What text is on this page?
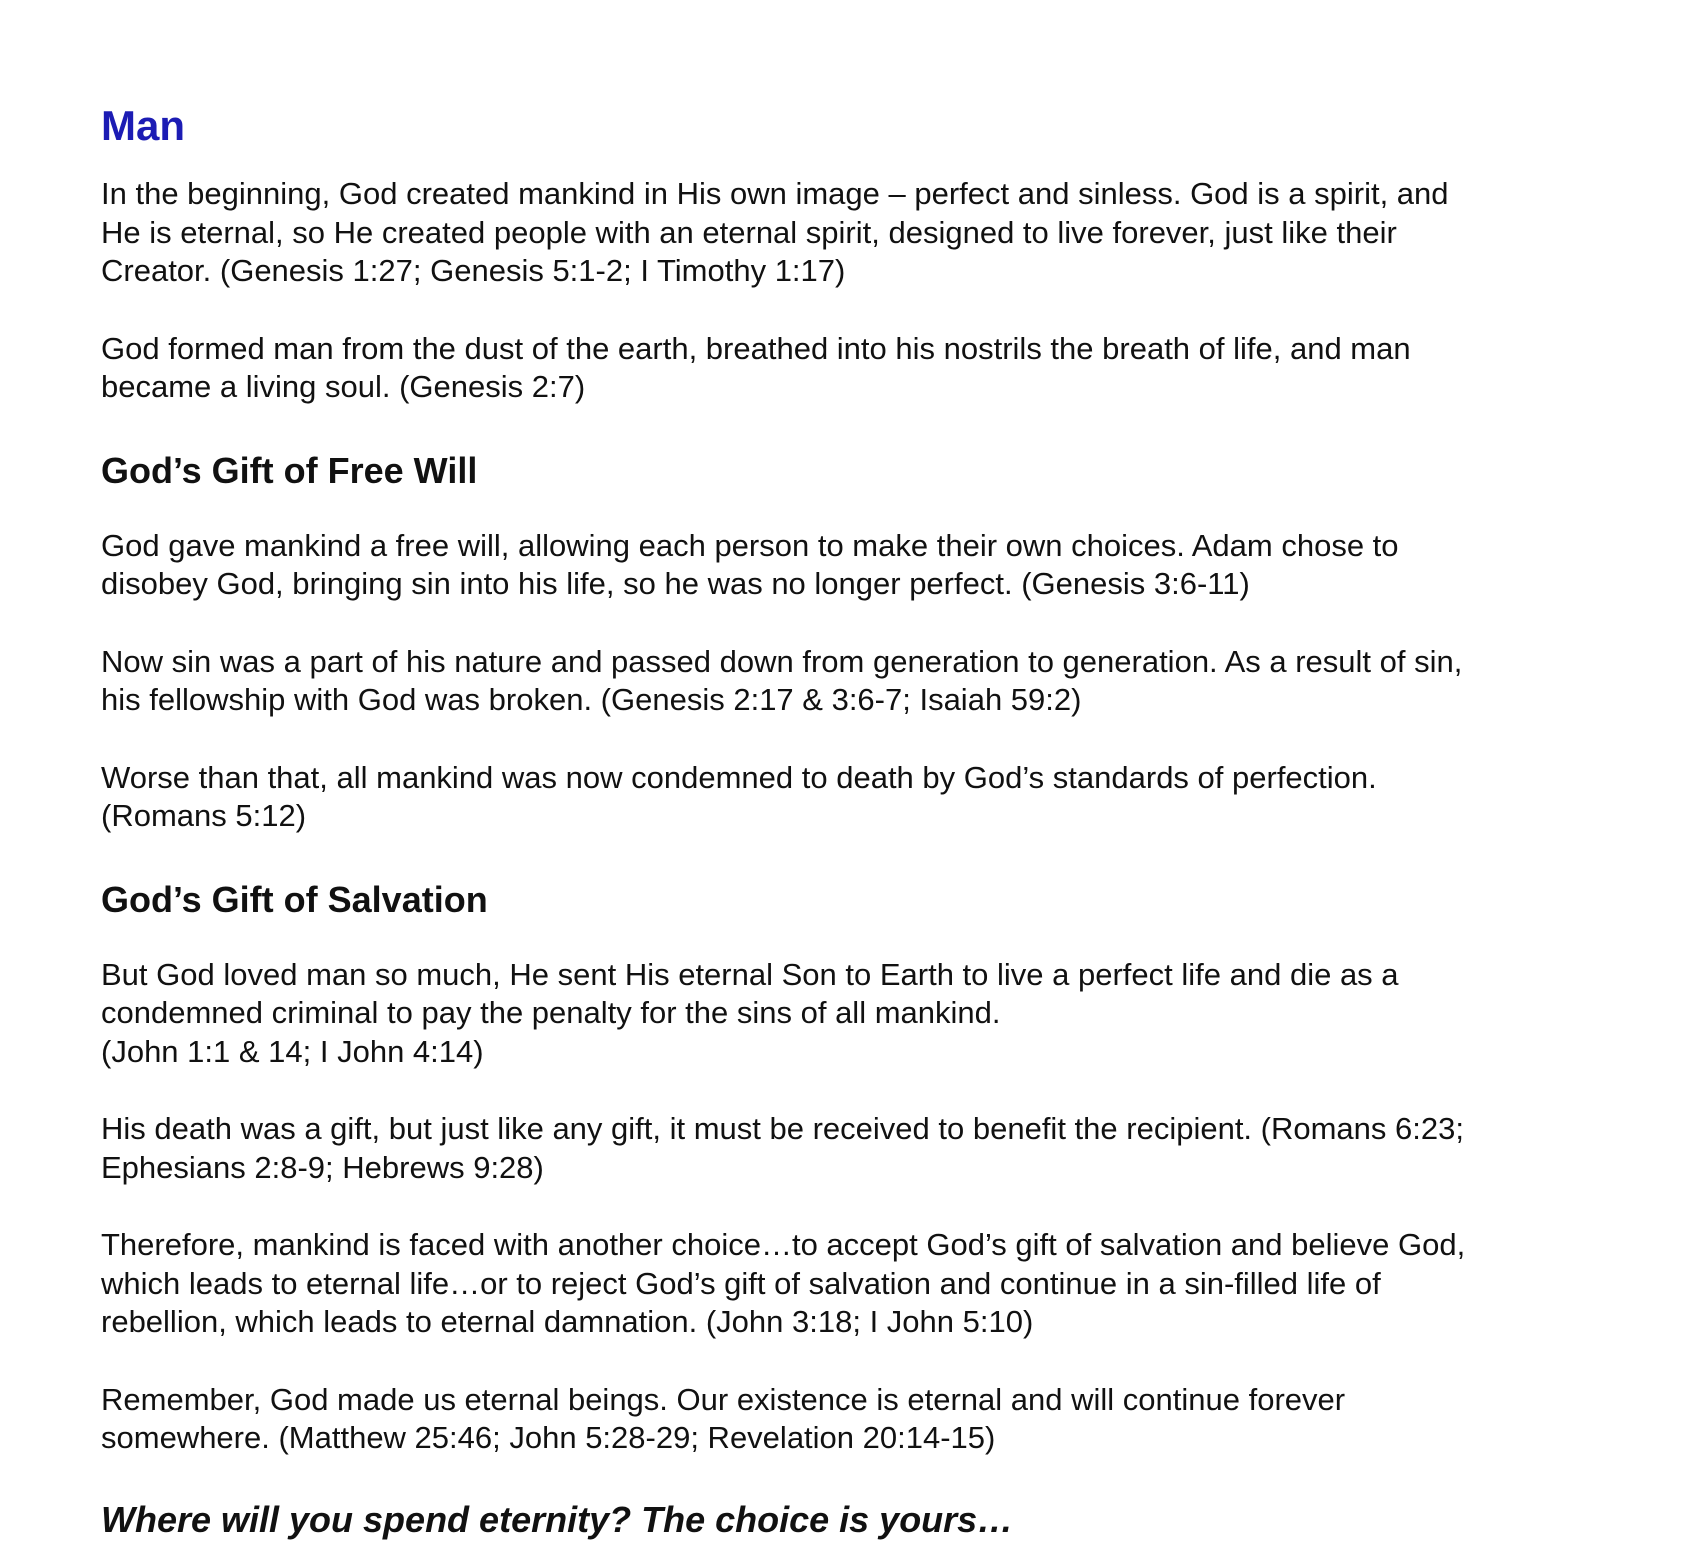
Man

In the beginning, God created mankind in His own image – perfect and sinless. God is a spirit, and
He is eternal, so He created people with an eternal spirit, designed to live forever, just like their
Creator. (Genesis 1:27; Genesis 5:1-2; I Timothy 1:17)

God formed man from the dust of the earth, breathed into his nostrils the breath of life, and man
became a living soul. (Genesis 2:7)

God’s Gift of Free Will

God gave mankind a free will, allowing each person to make their own choices. Adam chose to
disobey God, bringing sin into his life, so he was no longer perfect. (Genesis 3:6-11)

Now sin was a part of his nature and passed down from generation to generation. As a result of sin,
his fellowship with God was broken. (Genesis 2:17 & 3:6-7; Isaiah 59:2)

Worse than that, all mankind was now condemned to death by God’s standards of perfection.
(Romans 5:12)

God’s Gift of Salvation

But God loved man so much, He sent His eternal Son to Earth to live a perfect life and die as a
condemned criminal to pay the penalty for the sins of all mankind.
(John 1:1 & 14; I John 4:14)

His death was a gift, but just like any gift, it must be received to benefit the recipient. (Romans 6:23;
Ephesians 2:8-9; Hebrews 9:28)

Therefore, mankind is faced with another choice…to accept God’s gift of salvation and believe God,
which leads to eternal life…or to reject God’s gift of salvation and continue in a sin-filled life of
rebellion, which leads to eternal damnation. (John 3:18; I John 5:10)

Remember, God made us eternal beings. Our existence is eternal and will continue forever
somewhere. (Matthew 25:46; John 5:28-29; Revelation 20:14-15)

Where will you spend eternity? The choice is yours…
